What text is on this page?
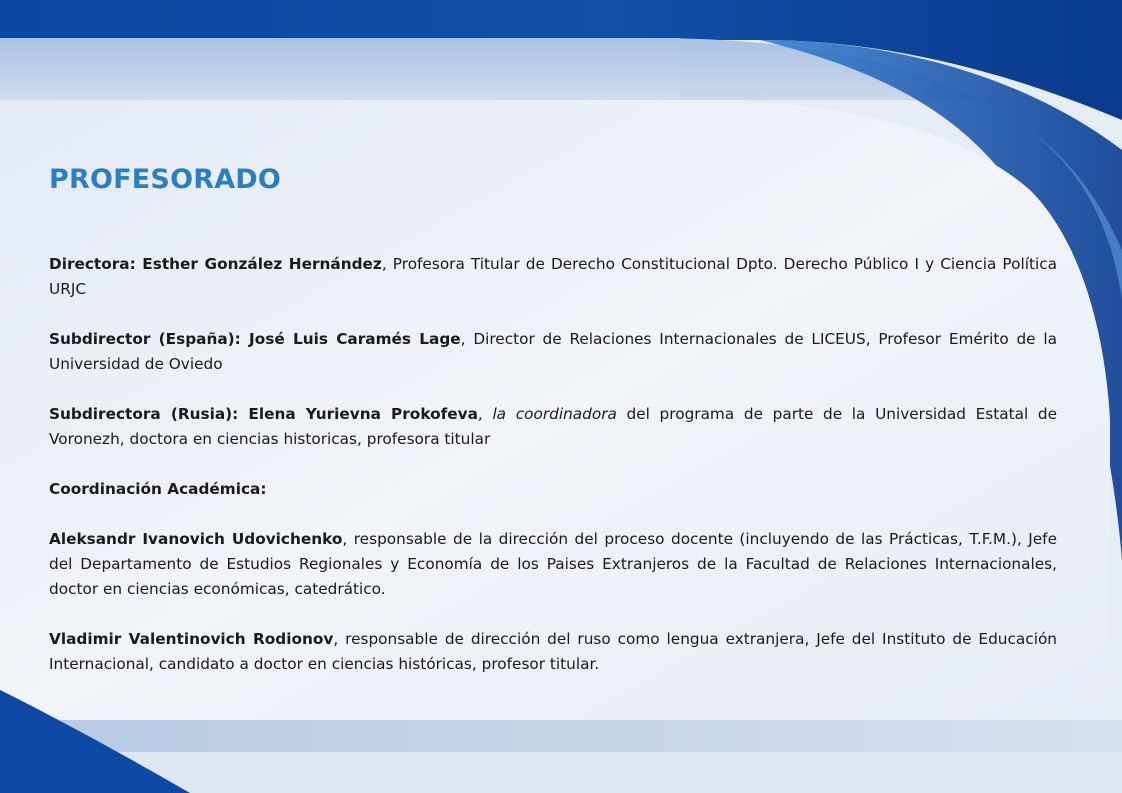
PROFESORADO

Directora: Esther González Hernández, Profesora Titular de Derecho Constitucional Dpto. Derecho Público I y Ciencia Política URJC

Subdirector (España): José Luis Caramés Lage, Director de Relaciones Internacionales de LICEUS, Profesor Emérito de la Universidad de Oviedo

Subdirectora (Rusia): Elena Yurievna Prokofeva, la coordinadora del programa de parte de la Universidad Estatal de Voronezh, doctora en ciencias historicas, profesora titular

Coordinación Académica:

Aleksandr Ivanovich Udovichenko, responsable de la dirección del proceso docente (incluyendo de las Prácticas, T.F.M.), Jefe del Departamento de Estudios Regionales y Economía de los Paises Extranjeros de la Facultad de Relaciones Internacionales, doctor en ciencias económicas, catedrático.

Vladimir Valentinovich Rodionov, responsable de dirección del ruso como lengua extranjera, Jefe del Instituto de Educación Internacional, candidato a doctor en ciencias históricas, profesor titular.
